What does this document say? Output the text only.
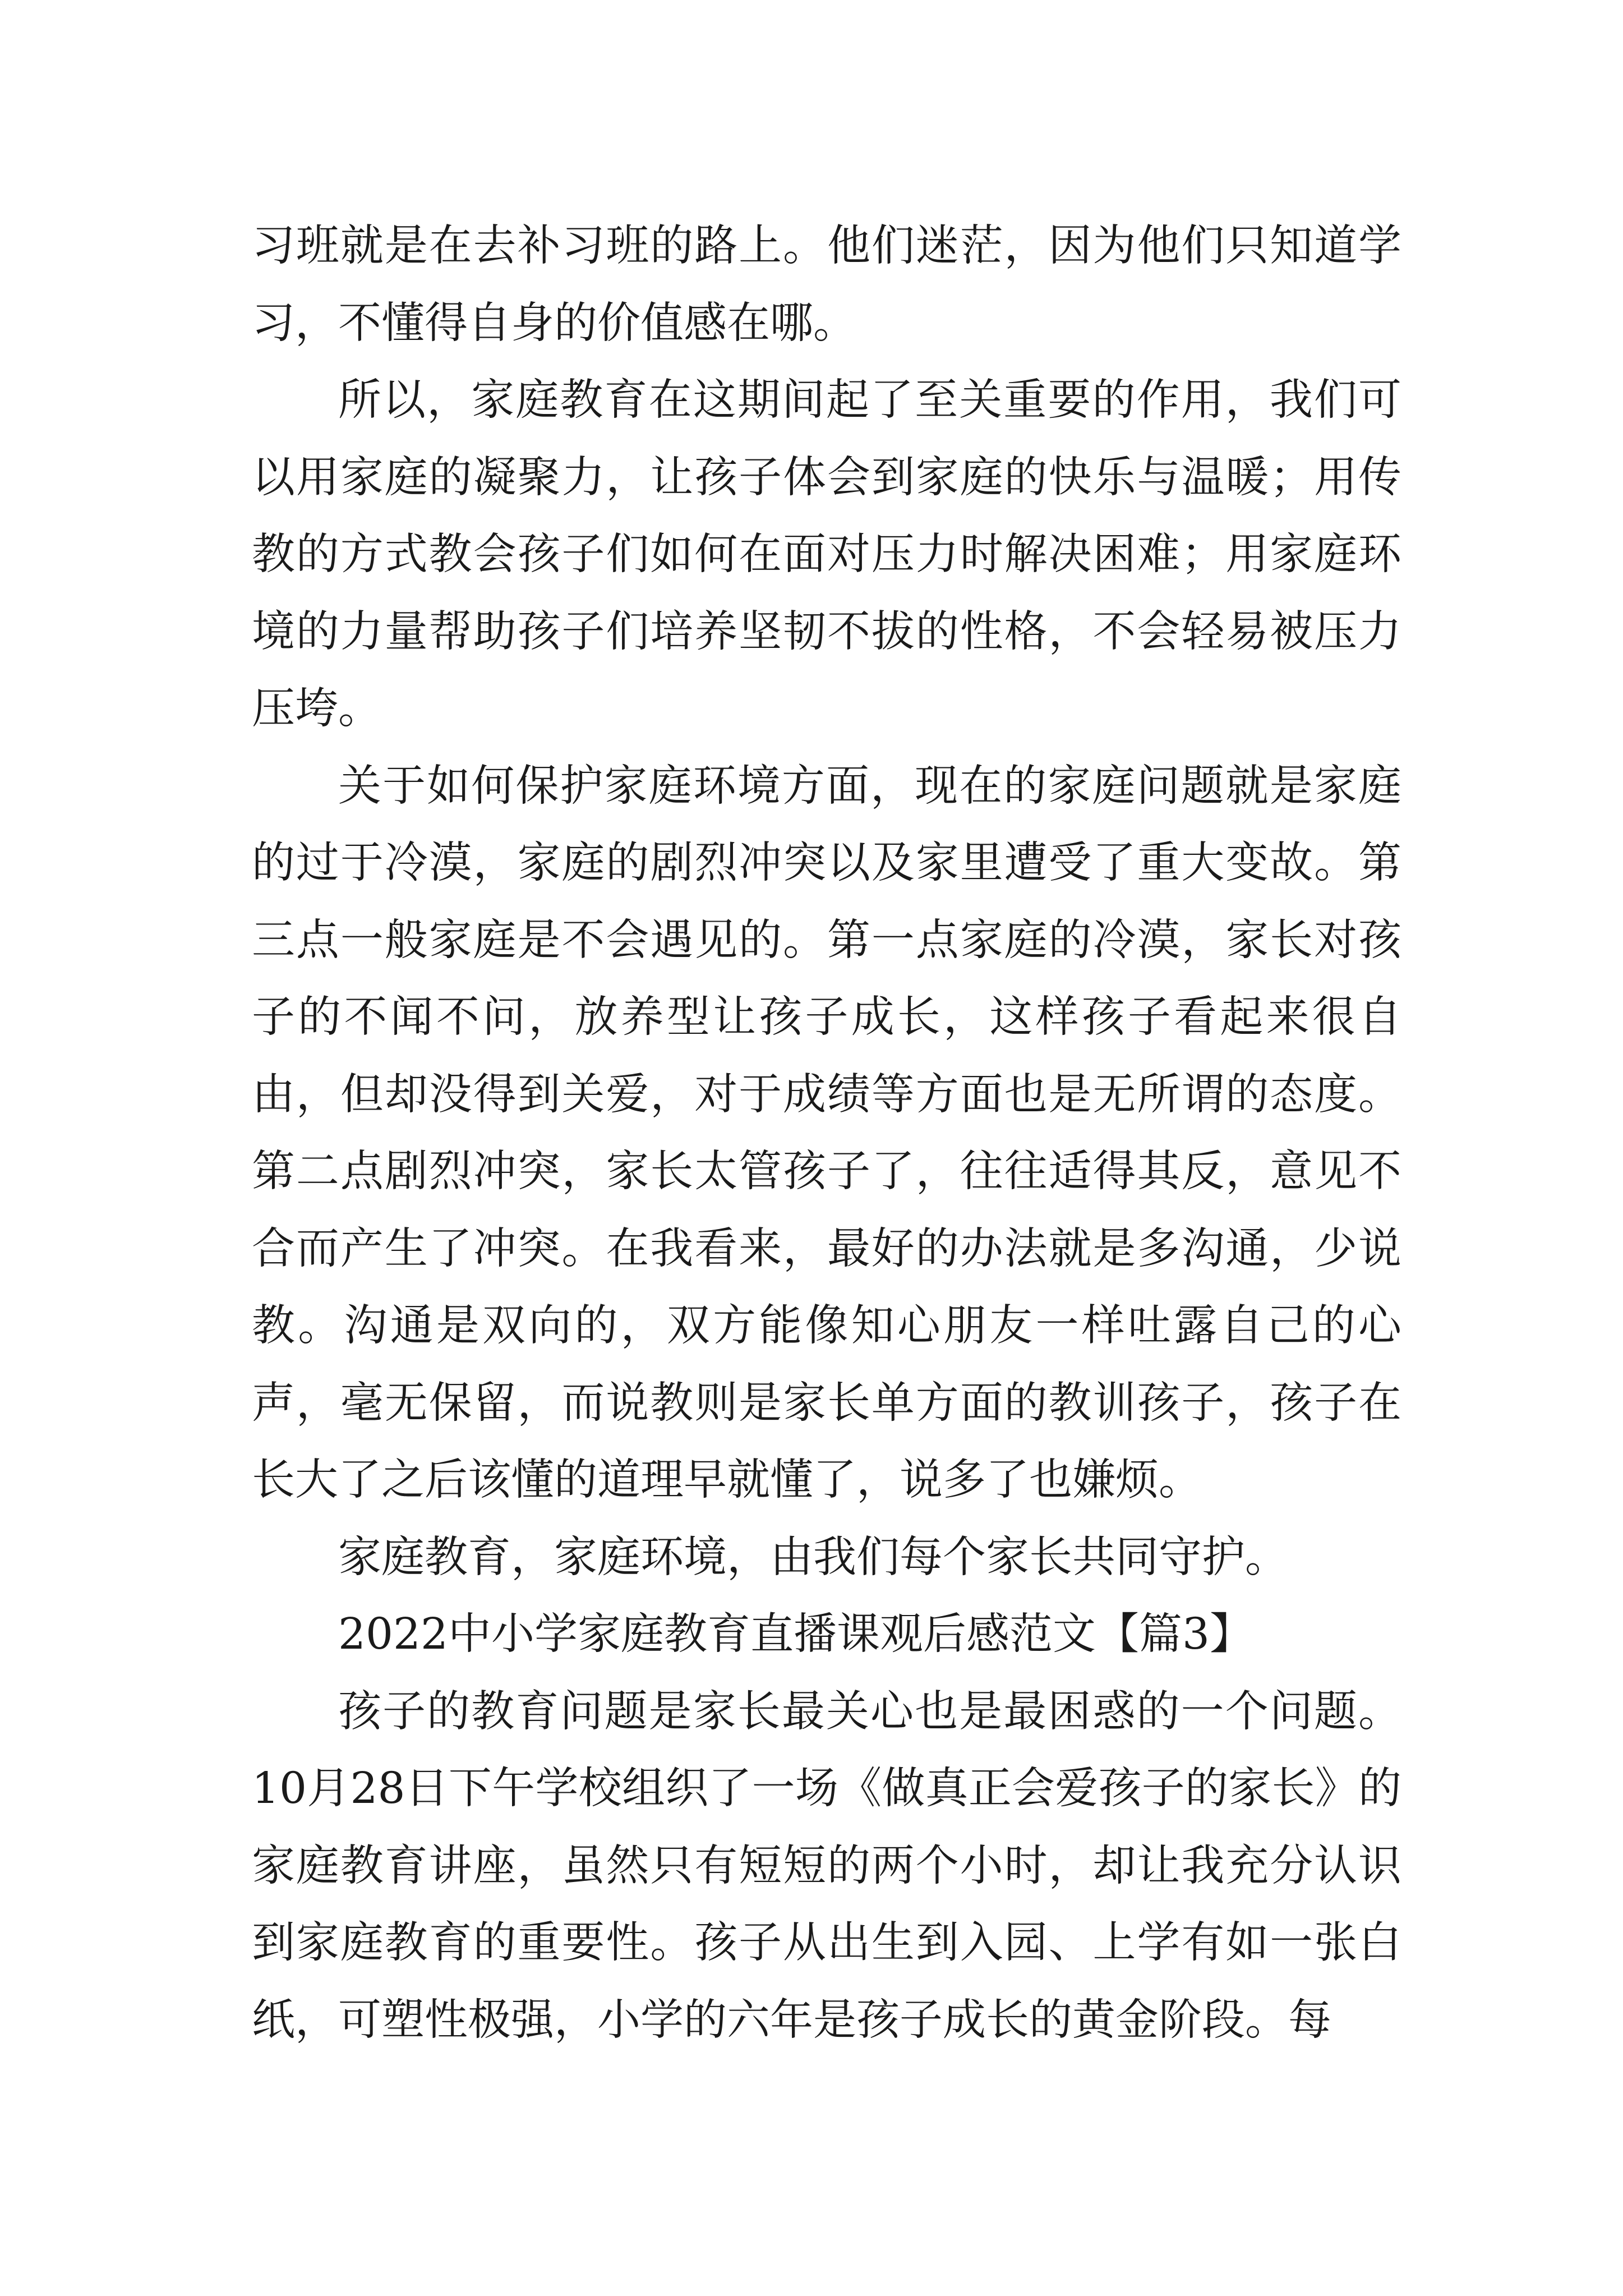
习班就是在去补习班的路上。他们迷茫，因为他们只知道学习，不懂得自身的价值感在哪。

所以，家庭教育在这期间起了至关重要的作用，我们可以用家庭的凝聚力，让孩子体会到家庭的快乐与温暖；用传教的方式教会孩子们如何在面对压力时解决困难；用家庭环境的力量帮助孩子们培养坚韧不拔的性格，不会轻易被压力压垮。

关于如何保护家庭环境方面，现在的家庭问题就是家庭的过于冷漠，家庭的剧烈冲突以及家里遭受了重大变故。第三点一般家庭是不会遇见的。第一点家庭的冷漠，家长对孩子的不闻不问，放养型让孩子成长，这样孩子看起来很自由，但却没得到关爱，对于成绩等方面也是无所谓的态度。第二点剧烈冲突，家长太管孩子了，往往适得其反，意见不合而产生了冲突。在我看来，最好的办法就是多沟通，少说教。沟通是双向的，双方能像知心朋友一样吐露自己的心声，毫无保留，而说教则是家长单方面的教训孩子，孩子在长大了之后该懂的道理早就懂了，说多了也嫌烦。

家庭教育，家庭环境，由我们每个家长共同守护。

2022中小学家庭教育直播课观后感范文【篇3】

孩子的教育问题是家长最关心也是最困惑的一个问题。10月28日下午学校组织了一场《做真正会爱孩子的家长》的家庭教育讲座，虽然只有短短的两个小时，却让我充分认识到家庭教育的重要性。孩子从出生到入园、上学有如一张白纸，可塑性极强，小学的六年是孩子成长的黄金阶段。每
